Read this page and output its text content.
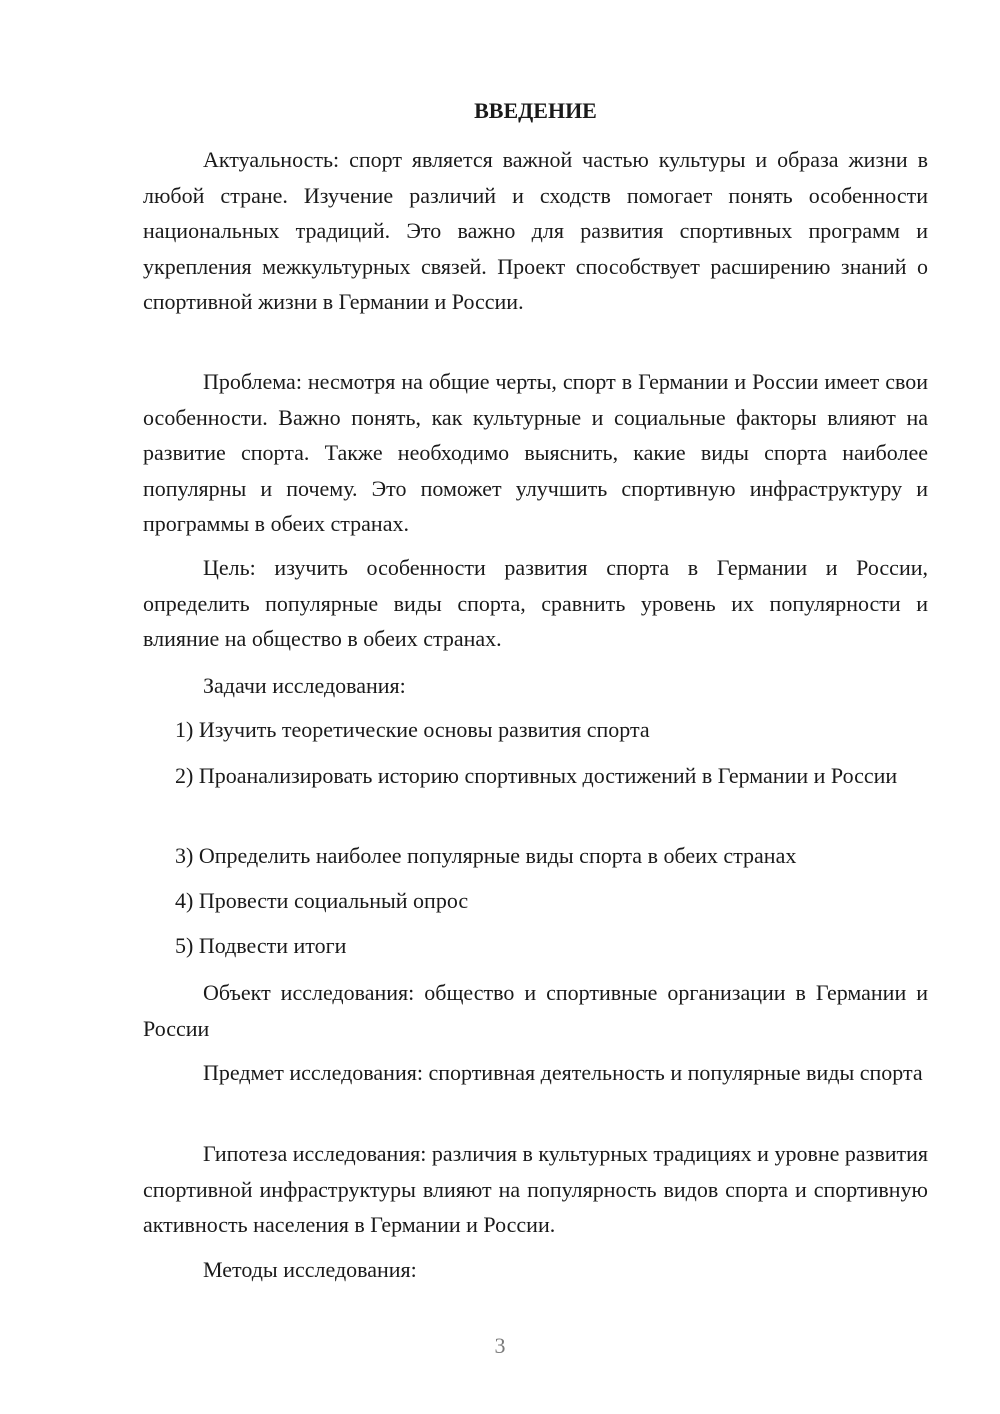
ВВЕДЕНИЕ

Актуальность: спорт является важной частью культуры и образа жизни в любой стране. Изучение различий и сходств помогает понять особенности национальных традиций. Это важно для развития спортивных программ и укрепления межкультурных связей. Проект способствует расширению знаний о спортивной жизни в Германии и России.

Проблема: несмотря на общие черты, спорт в Германии и России имеет свои особенности. Важно понять, как культурные и социальные факторы влияют на развитие спорта. Также необходимо выяснить, какие виды спорта наиболее популярны и почему. Это поможет улучшить спортивную инфраструктуру и программы в обеих странах.

Цель: изучить особенности развития спорта в Германии и России, определить популярные виды спорта, сравнить уровень их популярности и влияние на общество в обеих странах.

Задачи исследования:

1) Изучить теоретические основы развития спорта

2) Проанализировать историю спортивных достижений в Германии и России

3) Определить наиболее популярные виды спорта в обеих странах

4) Провести социальный опрос

5) Подвести итоги

Объект исследования: общество и спортивные организации в Германии и России

Предмет исследования: спортивная деятельность и популярные виды спорта

Гипотеза исследования: различия в культурных традициях и уровне развития спортивной инфраструктуры влияют на популярность видов спорта и спортивную активность населения в Германии и России.

Методы исследования:

3
